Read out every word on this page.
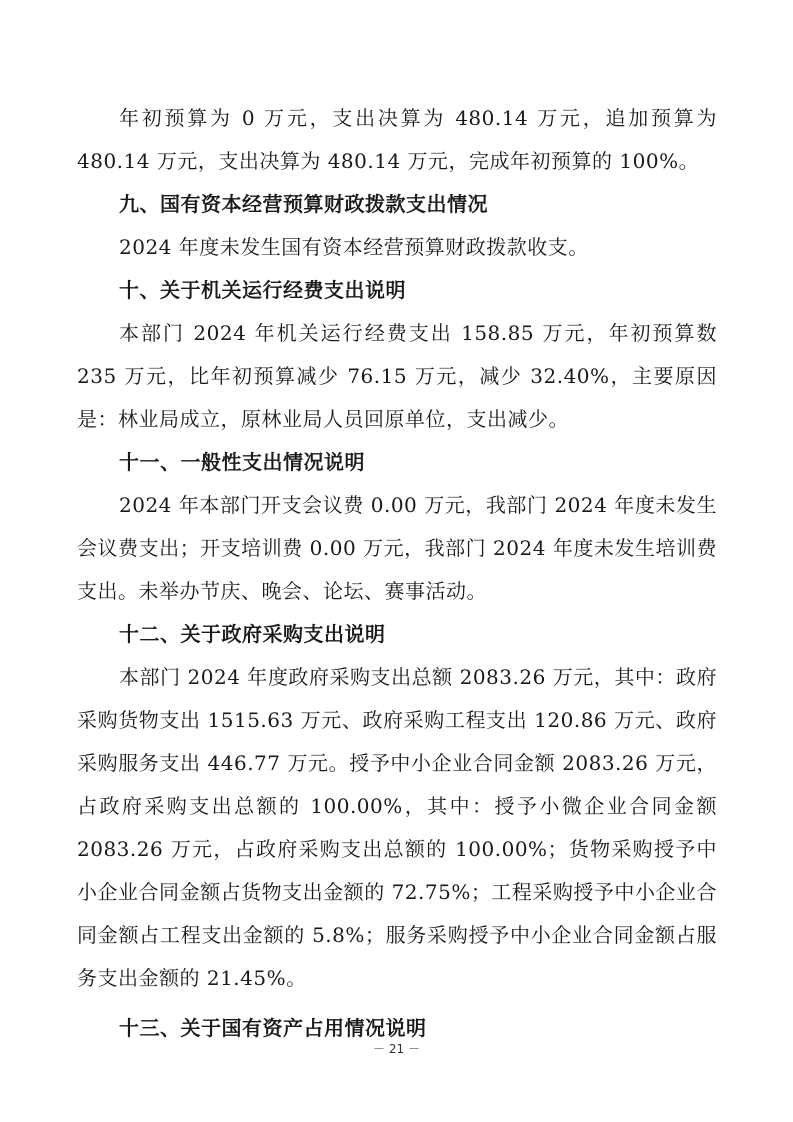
年初预算为 0 万元，支出决算为 480.14 万元，追加预算为 480.14 万元，支出决算为 480.14 万元，完成年初预算的 100%。

九、国有资本经营预算财政拨款支出情况

2024 年度未发生国有资本经营预算财政拨款收支。

十、关于机关运行经费支出说明

本部门 2024 年机关运行经费支出 158.85 万元，年初预算数 235 万元，比年初预算减少 76.15 万元，减少 32.40%，主要原因是：林业局成立，原林业局人员回原单位，支出减少。

十一、一般性支出情况说明

2024 年本部门开支会议费 0.00 万元，我部门 2024 年度未发生会议费支出；开支培训费 0.00 万元，我部门 2024 年度未发生培训费支出。未举办节庆、晚会、论坛、赛事活动。

十二、关于政府采购支出说明

本部门 2024 年度政府采购支出总额 2083.26 万元，其中：政府采购货物支出 1515.63 万元、政府采购工程支出 120.86 万元、政府采购服务支出 446.77 万元。授予中小企业合同金额 2083.26 万元，占政府采购支出总额的 100.00%，其中：授予小微企业合同金额 2083.26 万元，占政府采购支出总额的 100.00%；货物采购授予中小企业合同金额占货物支出金额的 72.75%；工程采购授予中小企业合同金额占工程支出金额的 5.8%；服务采购授予中小企业合同金额占服务支出金额的 21.45%。

十三、关于国有资产占用情况说明

－ 21 －
